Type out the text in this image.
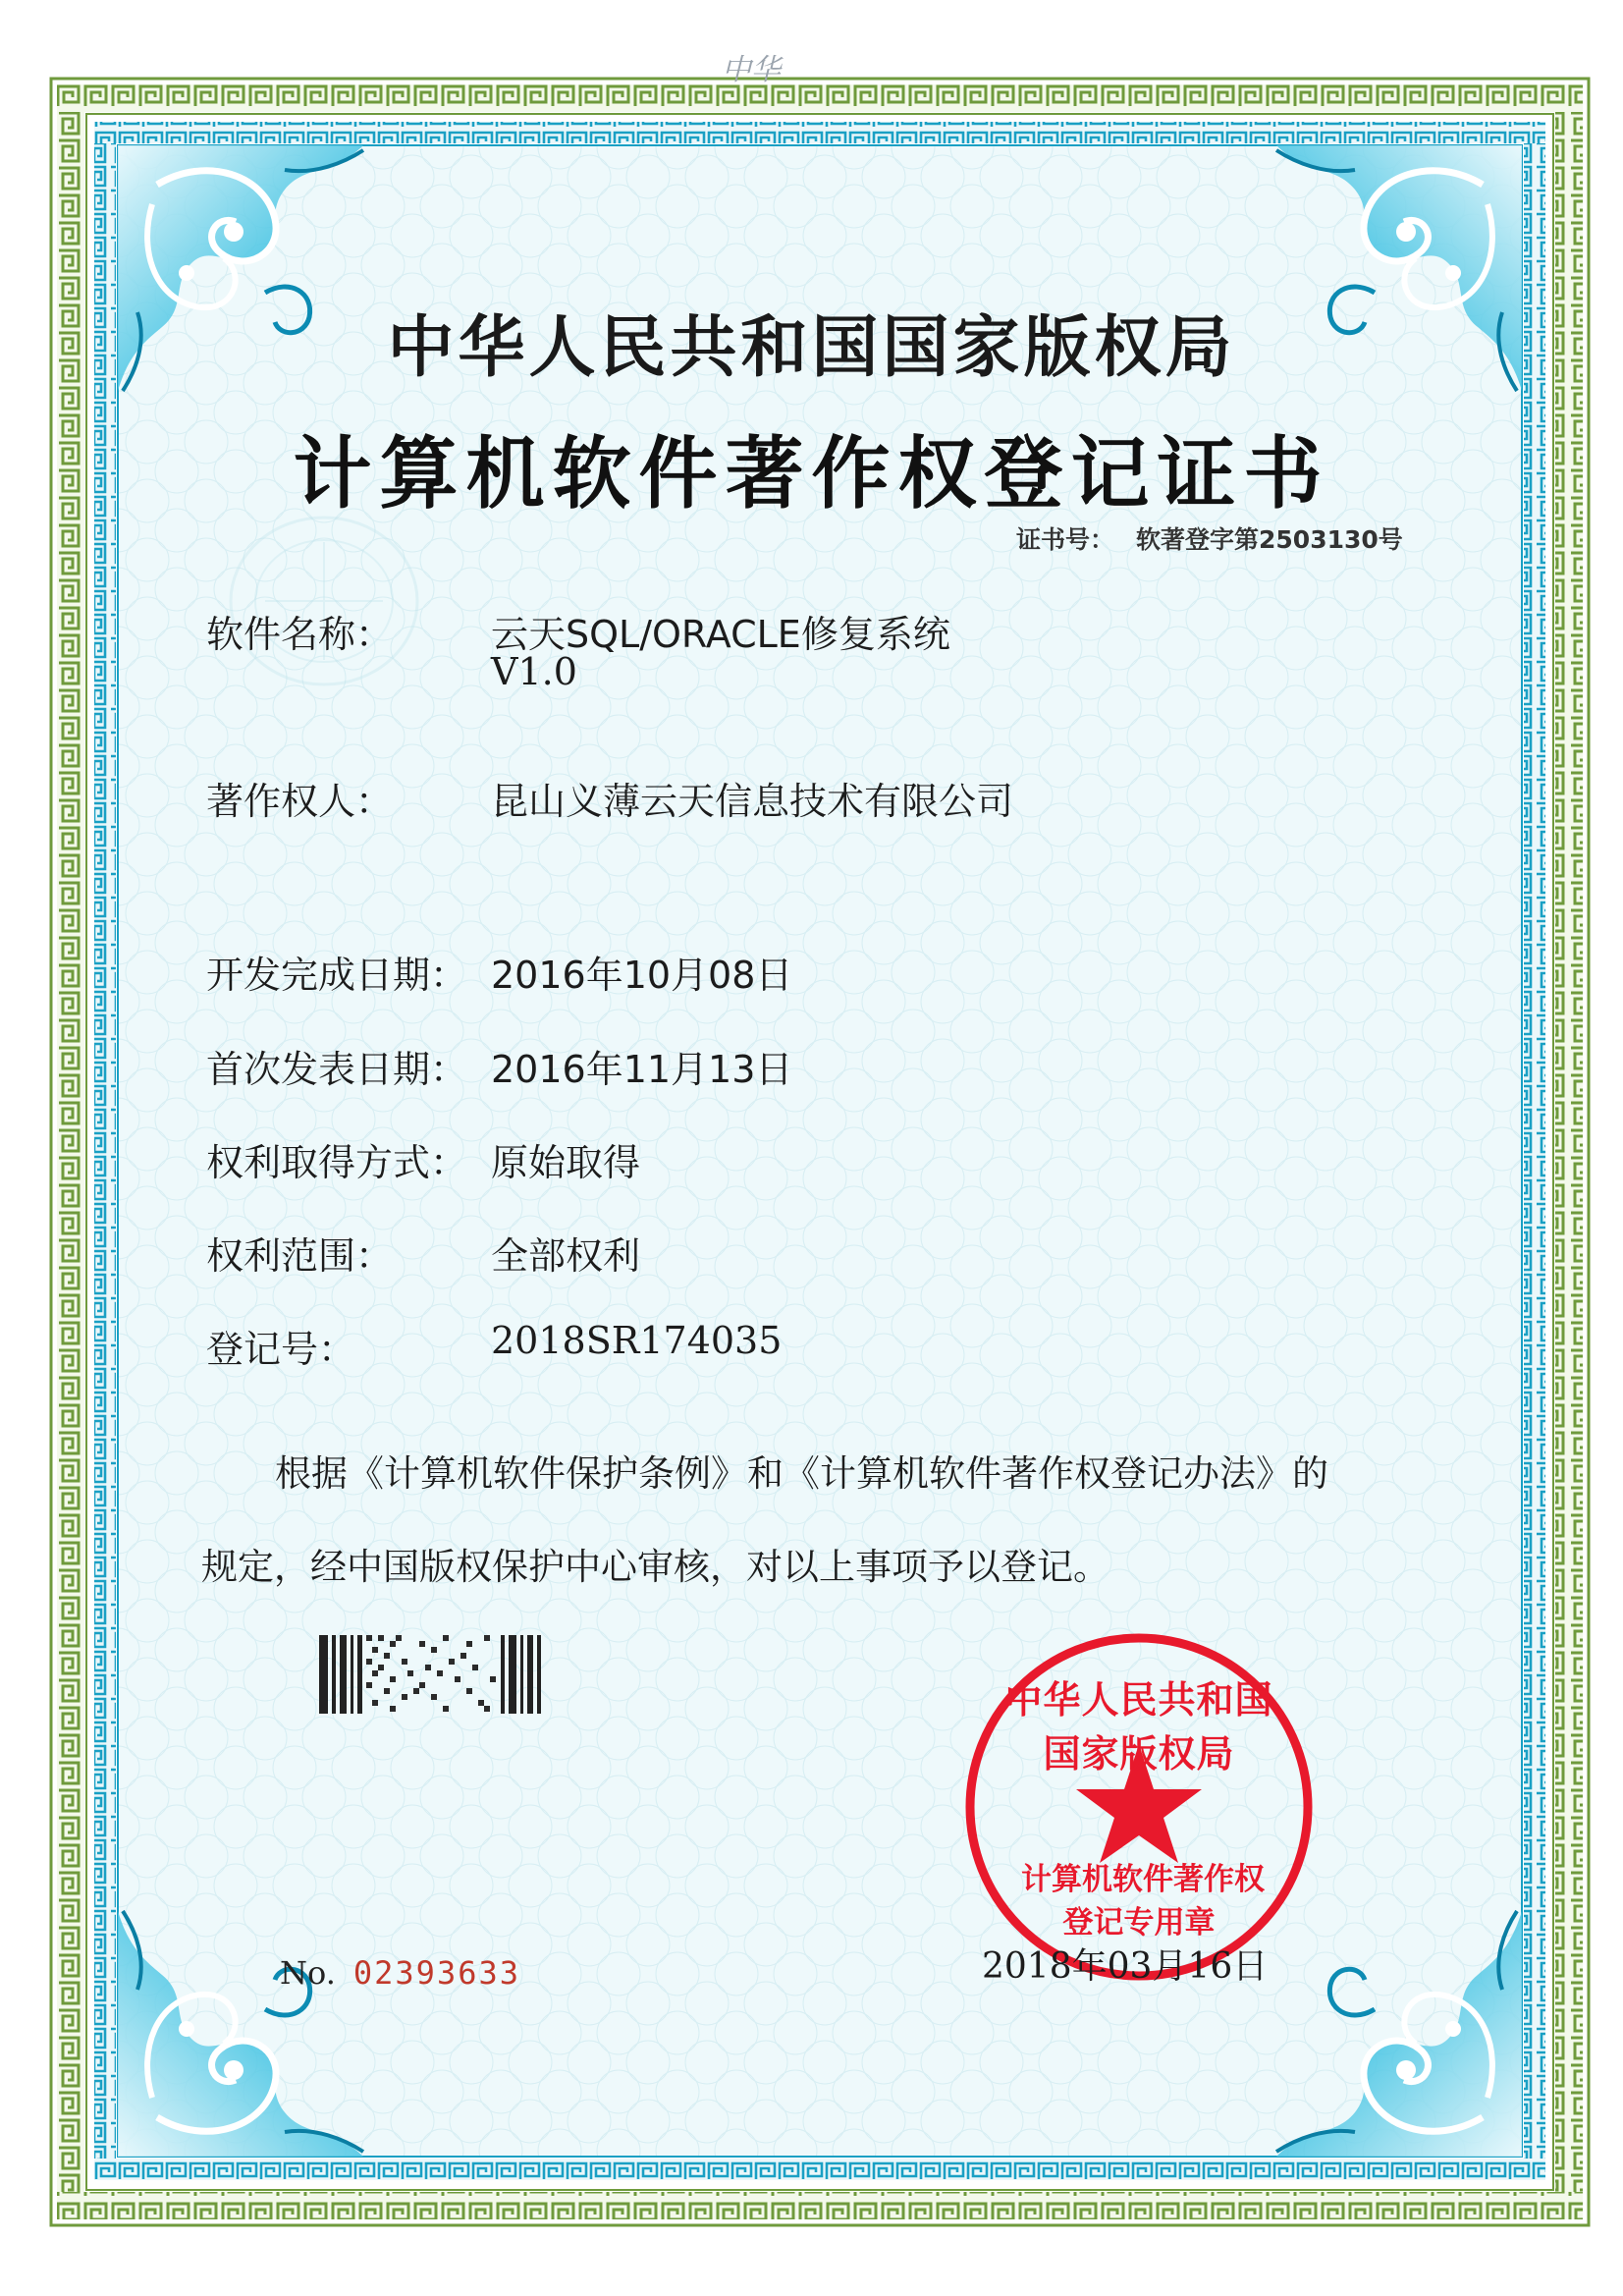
中华
中华人民共和国国家版权局
计算机软件著作权登记证书
证书号： 软著登字第2503130号
软件名称：	云天SQL/ORACLE修复系统
V1.0
著作权人：	昆山义薄云天信息技术有限公司
开发完成日期： 2016年10月08日
首次发表日期： 2016年11月13日
权利取得方式： 原始取得
权利范围：	全部权利
登记号：	2018SR174035
根据《计算机软件保护条例》和《计算机软件著作权登记办法》的
规定，经中国版权保护中心审核，对以上事项予以登记。
No. 02393633
中华人民共和国国家版权局
计算机软件著作权
登记专用章
2018年03月16日
